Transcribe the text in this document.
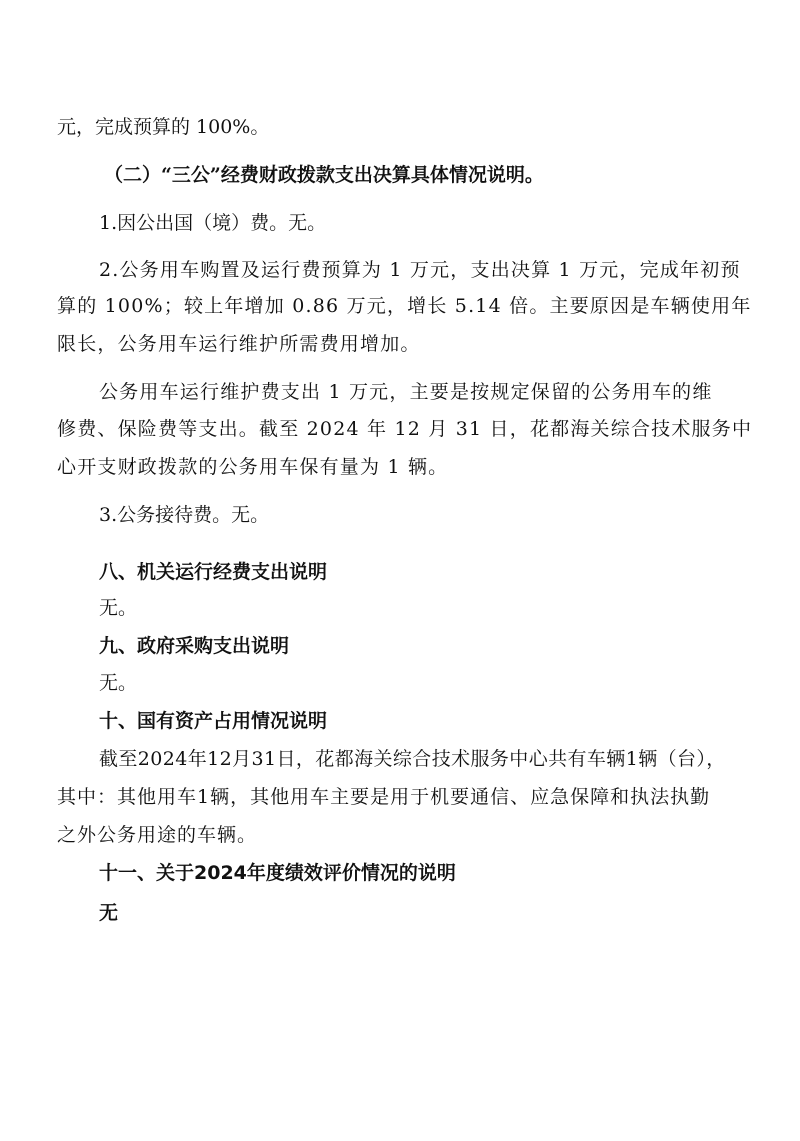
元，完成预算的 100%。
（二）“三公”经费财政拨款支出决算具体情况说明。
1.因公出国（境）费。无。
2.公务用车购置及运行费预算为 1 万元，支出决算 1 万元，完成年初预
算的 100%；较上年增加 0.86 万元，增长 5.14 倍。主要原因是车辆使用年
限长，公务用车运行维护所需费用增加。
公务用车运行维护费支出 1 万元，主要是按规定保留的公务用车的维
修费、保险费等支出。截至 2024 年 12 月 31 日，花都海关综合技术服务中
心开支财政拨款的公务用车保有量为 1 辆。
3.公务接待费。无。
八、机关运行经费支出说明
无。
九、政府采购支出说明
无。
十、国有资产占用情况说明
截至2024年12月31日，花都海关综合技术服务中心共有车辆1辆（台），
其中：其他用车1辆，其他用车主要是用于机要通信、应急保障和执法执勤
之外公务用途的车辆。
十一、关于2024年度绩效评价情况的说明
无
